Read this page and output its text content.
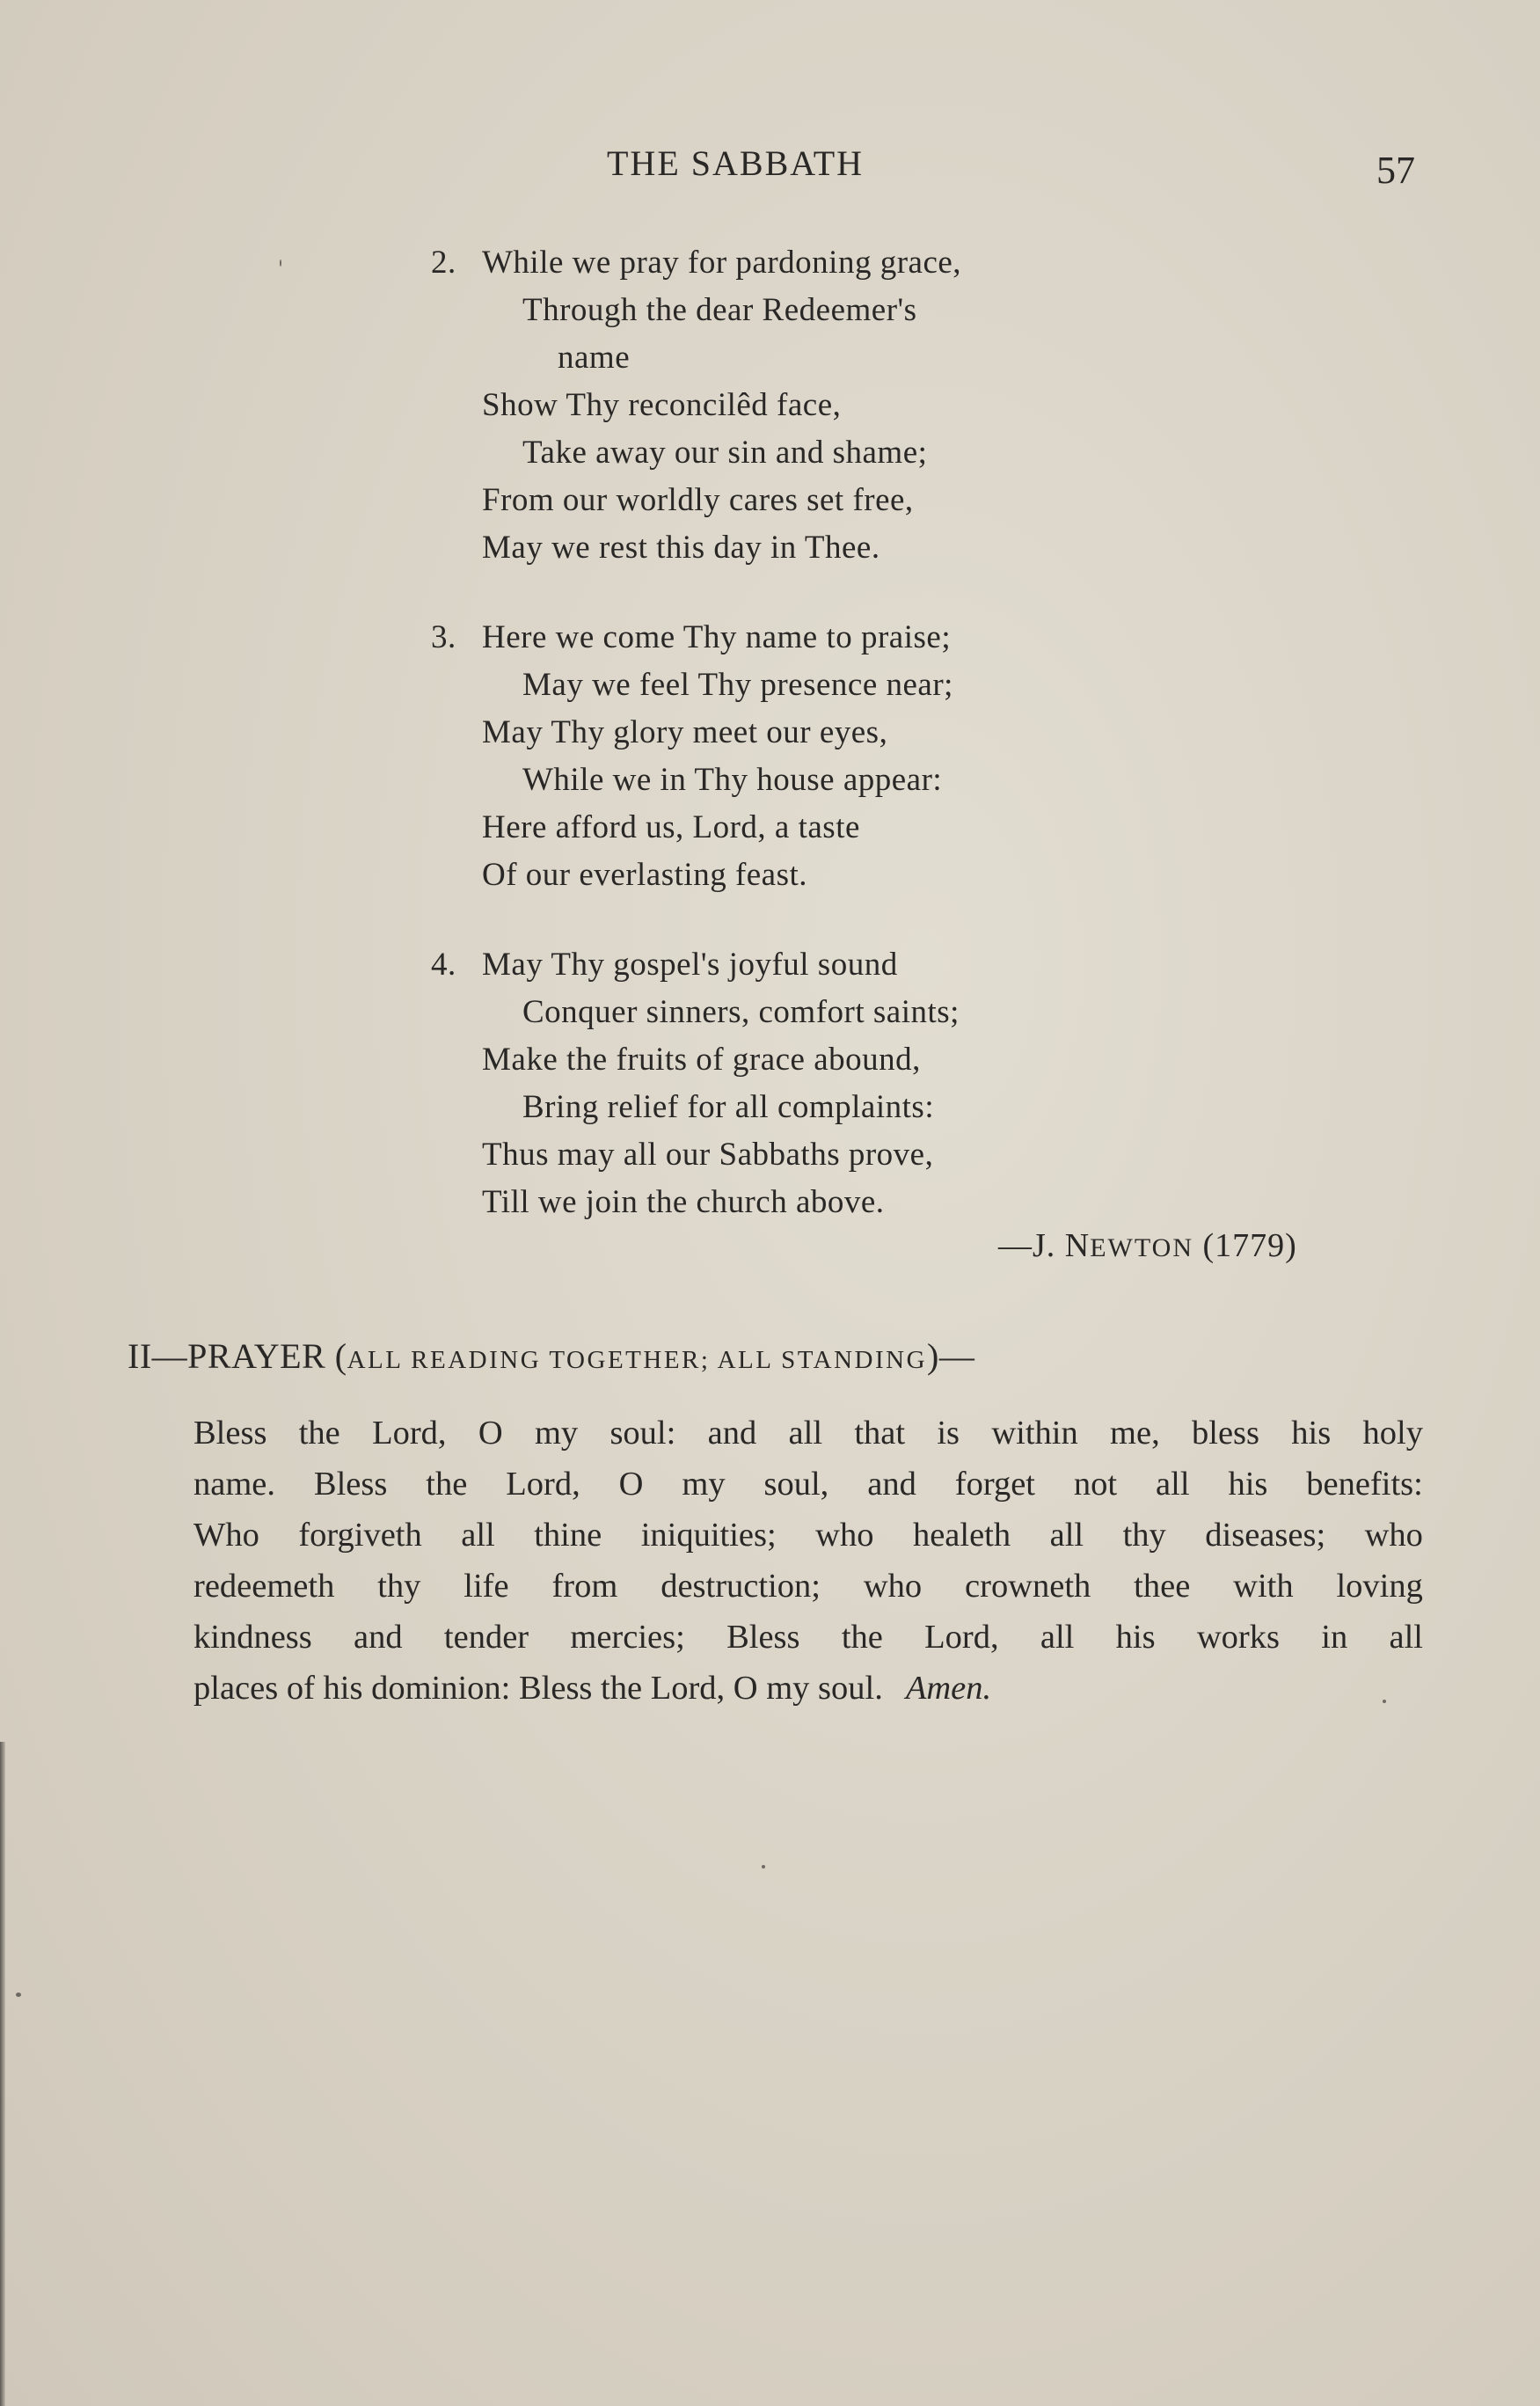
THE SABBATH	57
2. While we pray for pardoning grace,
Through the dear Redeemer's
name
Show Thy reconcilêd face,
Take away our sin and shame;
From our worldly cares set free,
May we rest this day in Thee.
3. Here we come Thy name to praise;
May we feel Thy presence near;
May Thy glory meet our eyes,
While we in Thy house appear:
Here afford us, Lord, a taste
Of our everlasting feast.
4. May Thy gospel's joyful sound
Conquer sinners, comfort saints;
Make the fruits of grace abound,
Bring relief for all complaints:
Thus may all our Sabbaths prove,
Till we join the church above.
—J. NEWTON (1779)
II—PRAYER (ALL READING TOGETHER; ALL STANDING)—
Bless the Lord, O my soul: and all that is within me, bless his holy
name. Bless the Lord, O my soul, and forget not all his benefits:
Who forgiveth all thine iniquities; who healeth all thy diseases; who
redeemeth thy life from destruction; who crowneth thee with loving
kindness and tender mercies; Bless the Lord, all his works in all
places of his dominion: Bless the Lord, O my soul. Amen.
